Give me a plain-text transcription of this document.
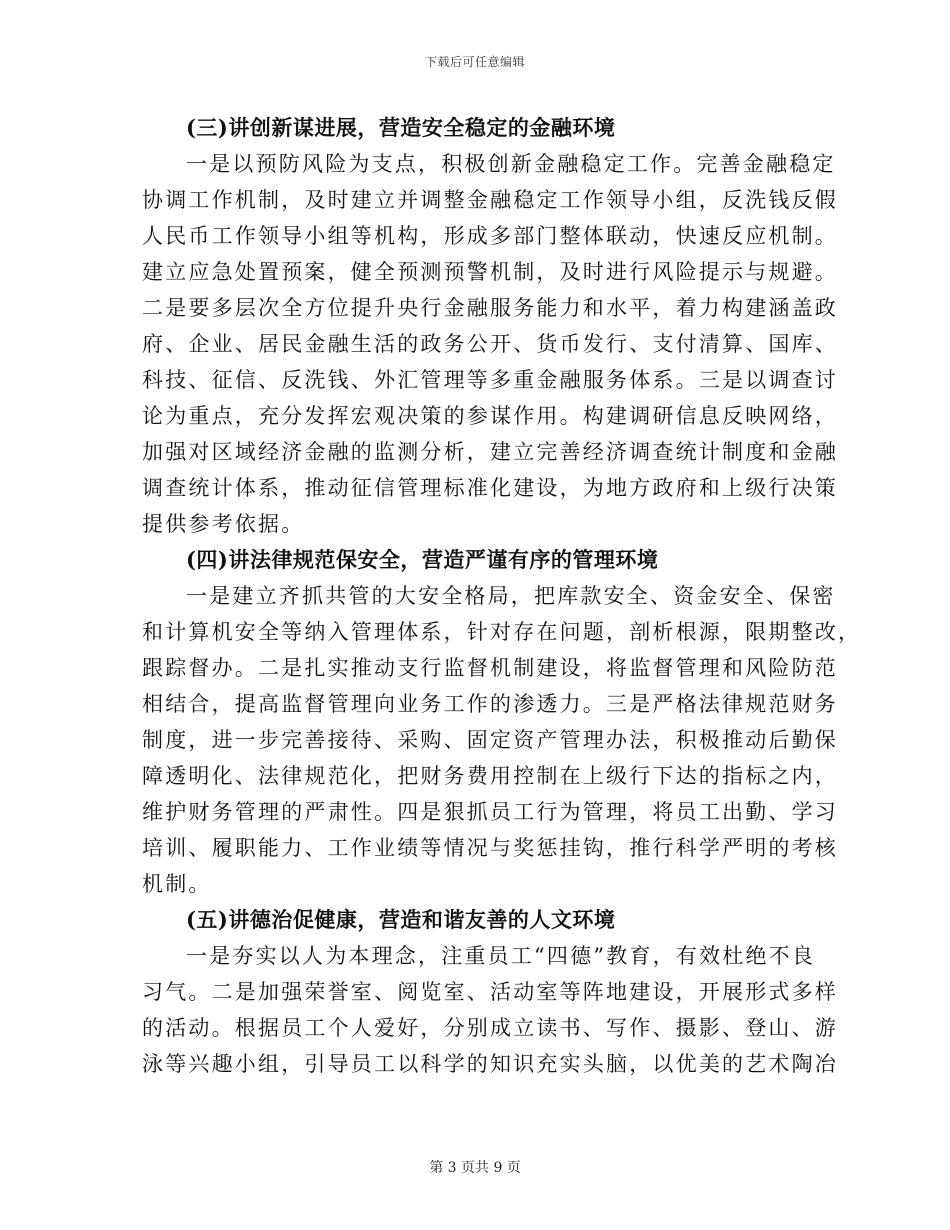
下载后可任意编辑
(三)讲创新谋进展，营造安全稳定的金融环境
一是以预防风险为支点，积极创新金融稳定工作。完善金融稳定
协调工作机制，及时建立并调整金融稳定工作领导小组，反洗钱反假
人民币工作领导小组等机构，形成多部门整体联动，快速反应机制。
建立应急处置预案，健全预测预警机制，及时进行风险提示与规避。
二是要多层次全方位提升央行金融服务能力和水平，着力构建涵盖政
府、企业、居民金融生活的政务公开、货币发行、支付清算、国库、
科技、征信、反洗钱、外汇管理等多重金融服务体系。三是以调查讨
论为重点，充分发挥宏观决策的参谋作用。构建调研信息反映网络，
加强对区域经济金融的监测分析，建立完善经济调查统计制度和金融
调查统计体系，推动征信管理标准化建设，为地方政府和上级行决策
提供参考依据。
(四)讲法律规范保安全，营造严谨有序的管理环境
一是建立齐抓共管的大安全格局，把库款安全、资金安全、保密
和计算机安全等纳入管理体系，针对存在问题，剖析根源，限期整改，
跟踪督办。二是扎实推动支行监督机制建设，将监督管理和风险防范
相结合，提高监督管理向业务工作的渗透力。三是严格法律规范财务
制度，进一步完善接待、采购、固定资产管理办法，积极推动后勤保
障透明化、法律规范化，把财务费用控制在上级行下达的指标之内，
维护财务管理的严肃性。四是狠抓员工行为管理，将员工出勤、学习
培训、履职能力、工作业绩等情况与奖惩挂钩，推行科学严明的考核
机制。
(五)讲德治促健康，营造和谐友善的人文环境
一是夯实以人为本理念，注重员工“四德”教育，有效杜绝不良
习气。二是加强荣誉室、阅览室、活动室等阵地建设，开展形式多样
的活动。根据员工个人爱好，分别成立读书、写作、摄影、登山、游
泳等兴趣小组，引导员工以科学的知识充实头脑，以优美的艺术陶冶
第 3 页共 9 页
